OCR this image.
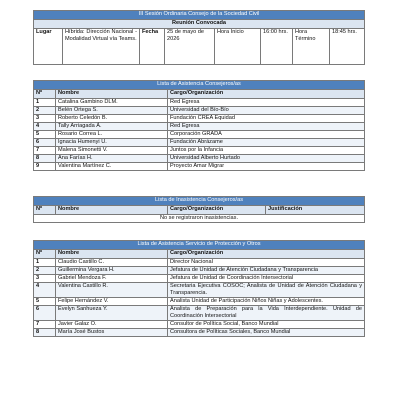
III Sesión Ordinaria Consejo de la Sociedad Civil
Reunión Convocada
Lugar	Híbrida: Dirección Nacional - Modalidad Virtual vía Teams.	Fecha	25 de mayo de 2026	Hora Inicio	16:00 hrs.	Hora Término	18:45 hrs.
Lista de Asistencia Consejeros/as		
Nº	Nombre	Cargo/Organización
1	Catalina Gambino DLM.	Red Egresa
2	Belén Ortega S.	Universidad del Bío-Bío
3	Roberto Celedón B.	Fundación CREA Equidad
4	Tally Arriagada Á.	Red Egresa
5	Rosario Correa L.	Corporación GRADA
6	Ignacia Humenyi U.	Fundación Abrázame
7	Malena Simonetti V.	Juntos por la Infancia
8	Ana Farías H.	Universidad Alberto Hurtado
9	Valentina Martínez C.	Proyecto Amar Migrar
Lista de Inasistencia Consejeros/as
Nº	Nombre	Cargo/Organización	Justificación
No se registraron inasistencias.
Lista de Asistencia Servicio de Protección y Otros		
Nº	Nombre	Cargo/Organización
1	Claudio Castillo C.	Director Nacional
2	Guillermina Vergara H.	Jefatura de Unidad de Atención Ciudadana y Transparencia
3	Gabriel Mendoza F.	Jefatura de Unidad de Coordinación Intersectorial
4	Valentina Castillo R.	Secretaria Ejecutiva COSOC; Analista de Unidad de Atención Ciudadana y Transparencia.
5	Felipe Hernández V.	Analista Unidad de Participación Niños Niñas y Adolescentes.
6	Evelyn Sanhueza Y.	Analista de Preparación para la Vida Interdependiente. Unidad de Coordinación Intersectorial
7	Javier Galaz O.	Consultor de Política Social, Banco Mundial
8	María José Bustos	Consultora de Políticas Sociales, Banco Mundial
